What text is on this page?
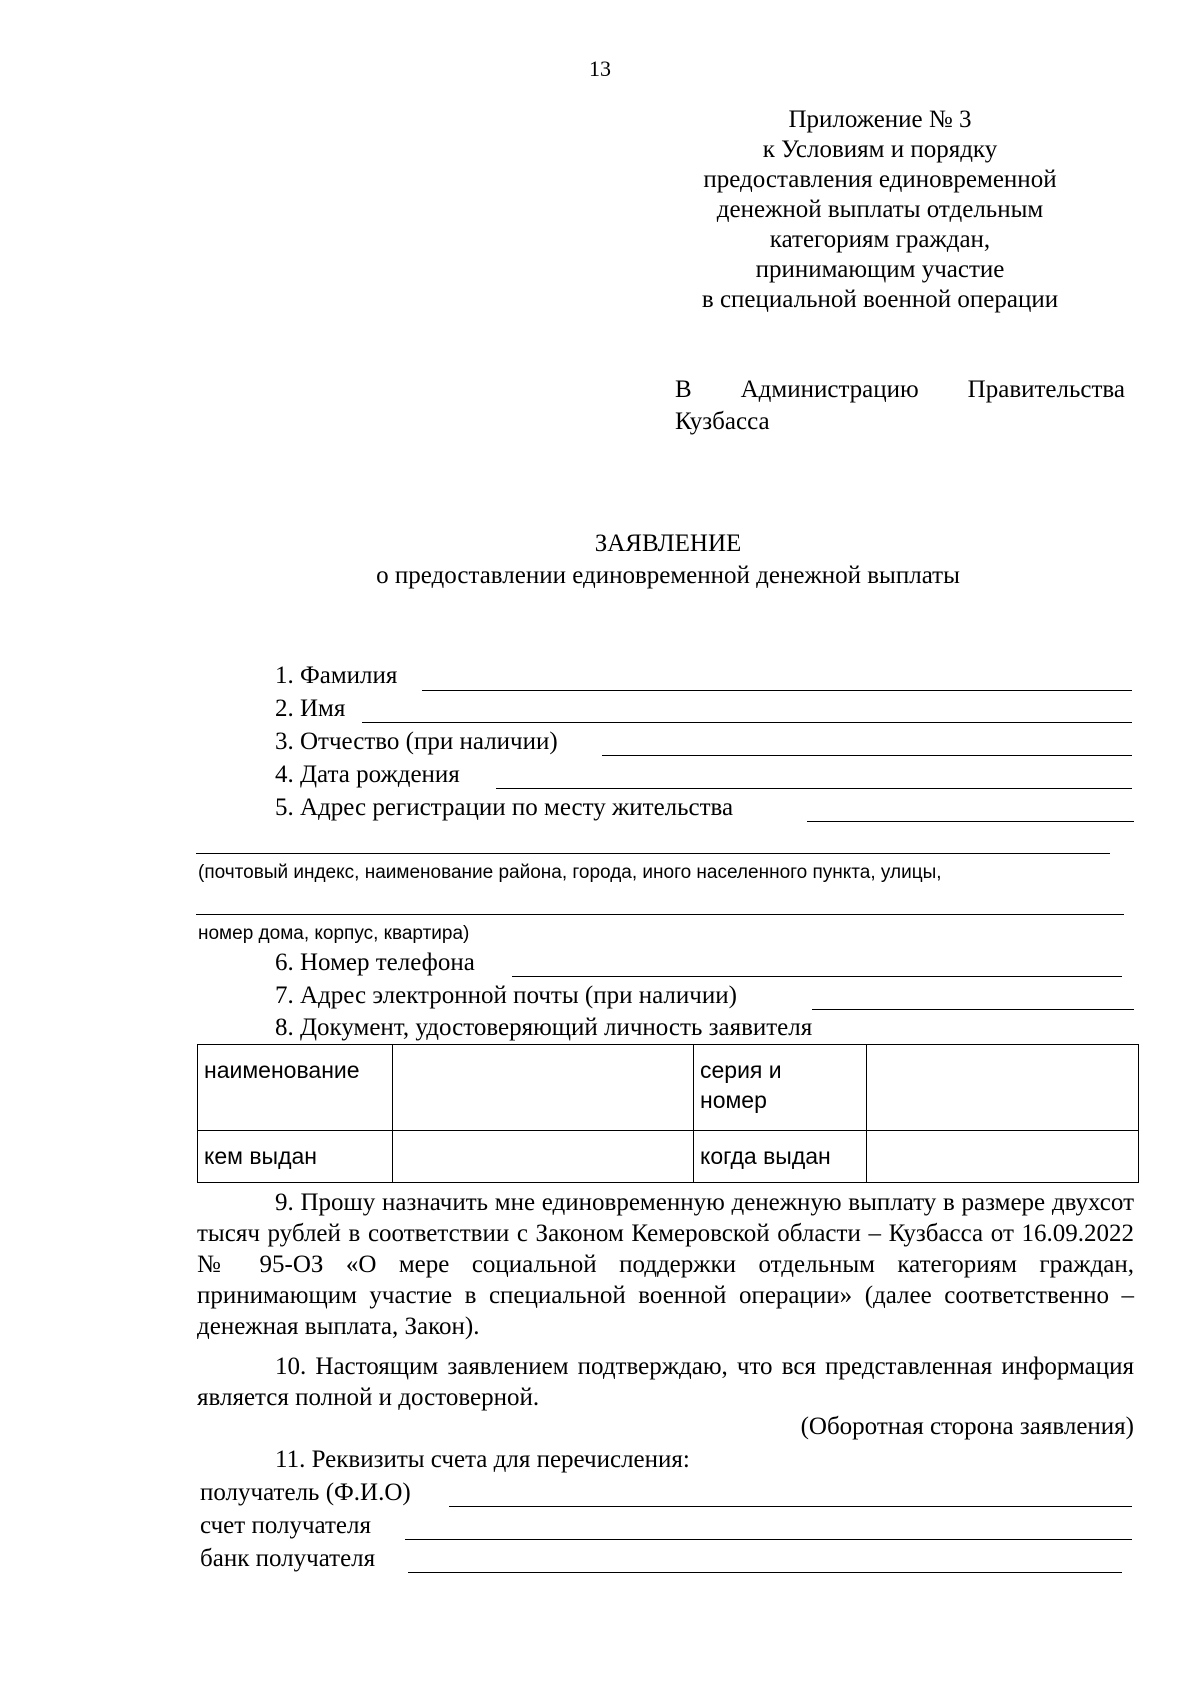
13
Приложение № 3
к Условиям и порядку
предоставления единовременной
денежной выплаты отдельным
категориям граждан,
принимающим участие
в специальной военной операции
В Администрацию Правительства
Кузбасса
ЗАЯВЛЕНИЕ
о предоставлении единовременной денежной выплаты
1. Фамилия
2. Имя
3. Отчество (при наличии)
4. Дата рождения
5. Адрес регистрации по месту жительства
(почтовый индекс, наименование района, города, иного населенного пункта, улицы,
номер дома, корпус, квартира)
6. Номер телефона
7. Адрес электронной почты (при наличии)
8. Документ, удостоверяющий личность заявителя
наименование		серия и
номер	

кем выдан		когда выдан	
9. Прошу назначить мне единовременную денежную выплату в размере двухсот тысяч рублей в соответствии с Законом Кемеровской области – Кузбасса от 16.09.2022 № 95-ОЗ «О мере социальной поддержки отдельным категориям граждан, принимающим участие в специальной военной операции» (далее соответственно – денежная выплата, Закон).
10. Настоящим заявлением подтверждаю, что вся представленная информация является полной и достоверной.
(Оборотная сторона заявления)
11. Реквизиты счета для перечисления:
получатель (Ф.И.О)
счет получателя
банк получателя
